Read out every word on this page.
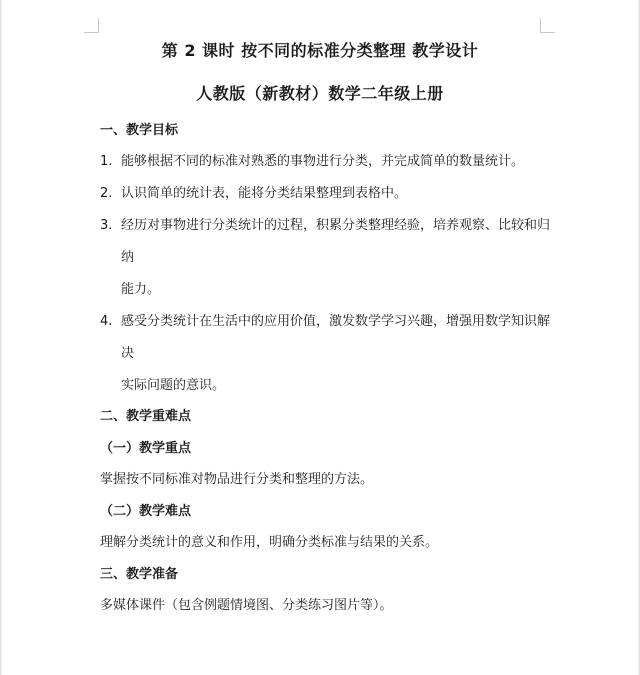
第 2 课时 按不同的标准分类整理 教学设计
人教版（新教材）数学二年级上册
一、教学目标
1. 能够根据不同的标准对熟悉的事物进行分类，并完成简单的数量统计。
2. 认识简单的统计表，能将分类结果整理到表格中。
3. 经历对事物进行分类统计的过程，积累分类整理经验，培养观察、比较和归纳
能力。
4. 感受分类统计在生活中的应用价值，激发数学学习兴趣，增强用数学知识解决
实际问题的意识。
二、教学重难点
（一）教学重点
掌握按不同标准对物品进行分类和整理的方法。
（二）教学难点
理解分类统计的意义和作用，明确分类标准与结果的关系。
三、教学准备
多媒体课件（包含例题情境图、分类练习图片等）。
